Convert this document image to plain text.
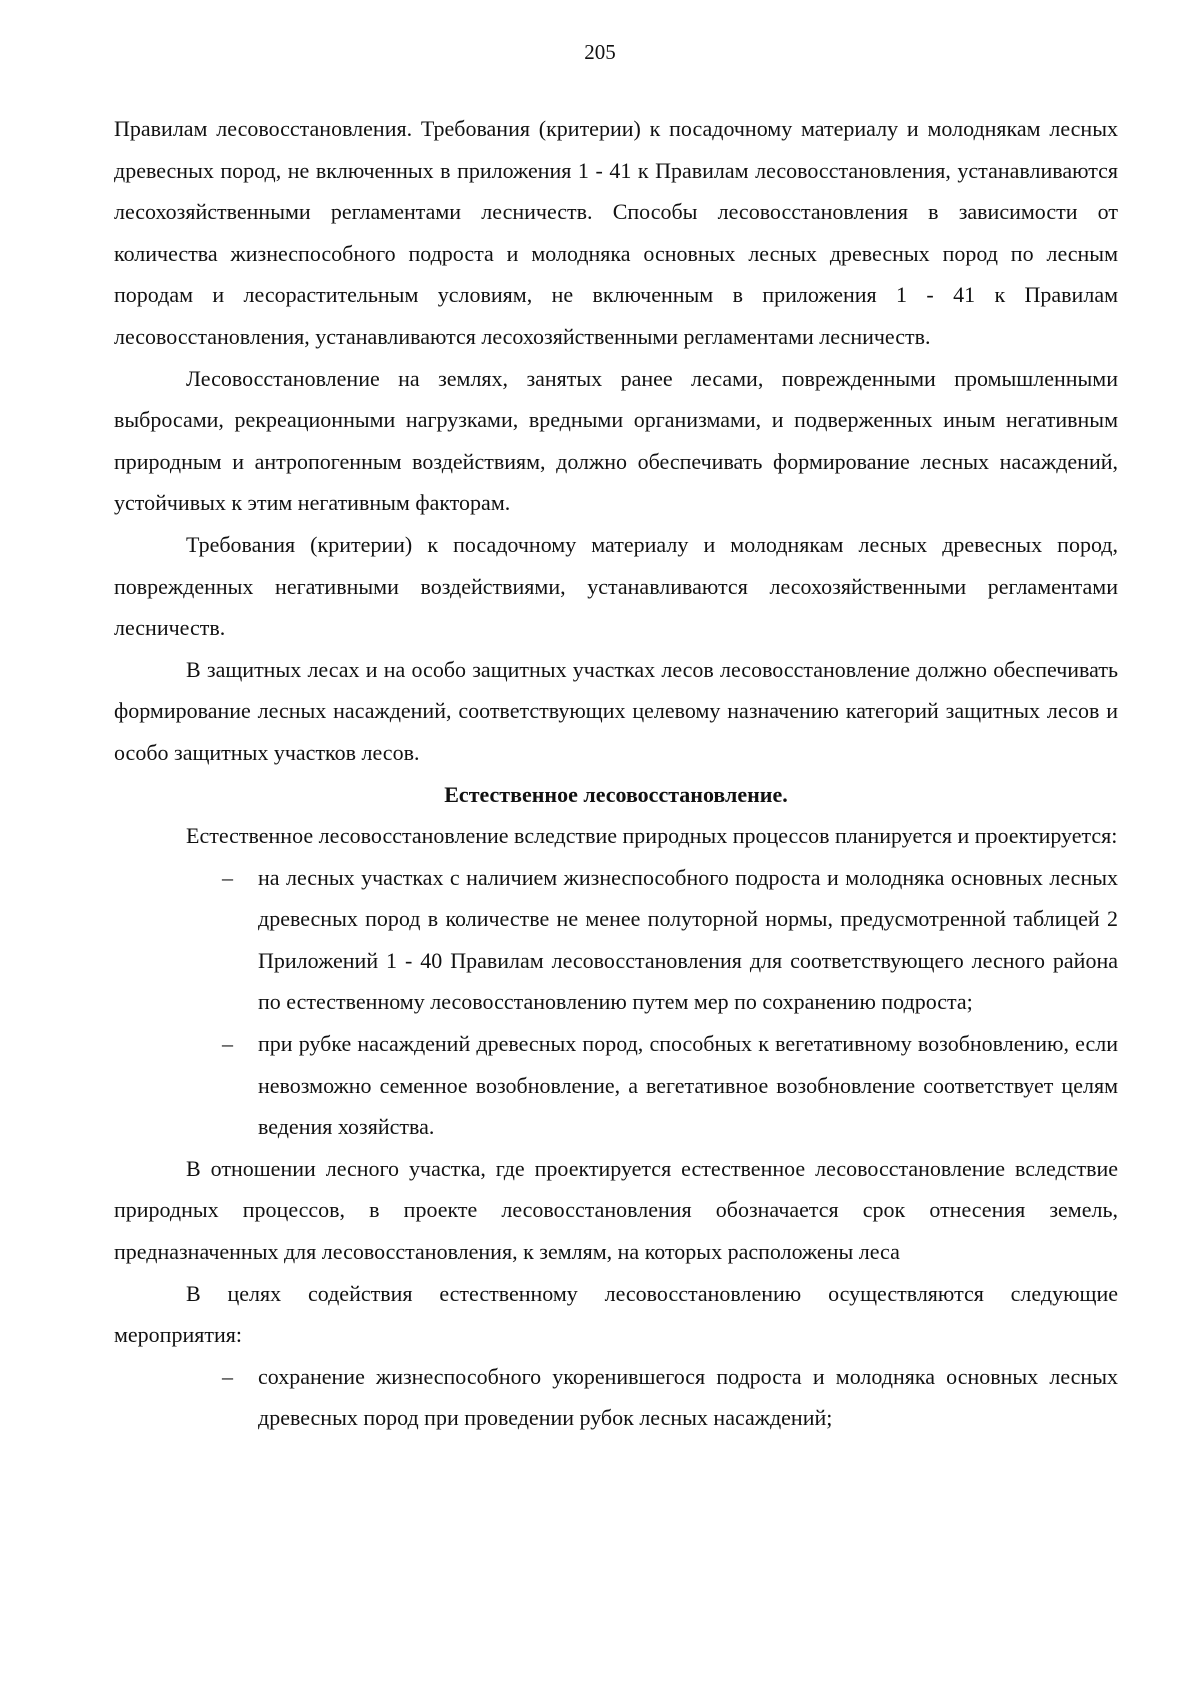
205

Правилам лесовосстановления. Требования (критерии) к посадочному материалу и молоднякам лесных древесных пород, не включенных в приложения 1 - 41 к Правилам лесовосстановления, устанавливаются лесохозяйственными регламентами лесничеств. Способы лесовосстановления в зависимости от количества жизнеспособного подроста и молодняка основных лесных древесных пород по лесным породам и лесорастительным условиям, не включенным в приложения 1 - 41 к Правилам лесовосстановления, устанавливаются лесохозяйственными регламентами лесничеств.

Лесовосстановление на землях, занятых ранее лесами, поврежденными промышленными выбросами, рекреационными нагрузками, вредными организмами, и подверженных иным негативным природным и антропогенным воздействиям, должно обеспечивать формирование лесных насаждений, устойчивых к этим негативным факторам.

Требования (критерии) к посадочному материалу и молоднякам лесных древесных пород, поврежденных негативными воздействиями, устанавливаются лесохозяйственными регламентами лесничеств.

В защитных лесах и на особо защитных участках лесов лесовосстановление должно обеспечивать формирование лесных насаждений, соответствующих целевому назначению категорий защитных лесов и особо защитных участков лесов.

Естественное лесовосстановление.

Естественное лесовосстановление вследствие природных процессов планируется и проектируется:

– на лесных участках с наличием жизнеспособного подроста и молодняка основных лесных древесных пород в количестве не менее полуторной нормы, предусмотренной таблицей 2 Приложений 1 - 40 Правилам лесовосстановления для соответствующего лесного района по естественному лесовосстановлению путем мер по сохранению подроста;
– при рубке насаждений древесных пород, способных к вегетативному возобновлению, если невозможно семенное возобновление, а вегетативное возобновление соответствует целям ведения хозяйства.

В отношении лесного участка, где проектируется естественное лесовосстановление вследствие природных процессов, в проекте лесовосстановления обозначается срок отнесения земель, предназначенных для лесовосстановления, к землям, на которых расположены леса

В целях содействия естественному лесовосстановлению осуществляются следующие мероприятия:

– сохранение жизнеспособного укоренившегося подроста и молодняка основных лесных древесных пород при проведении рубок лесных насаждений;
